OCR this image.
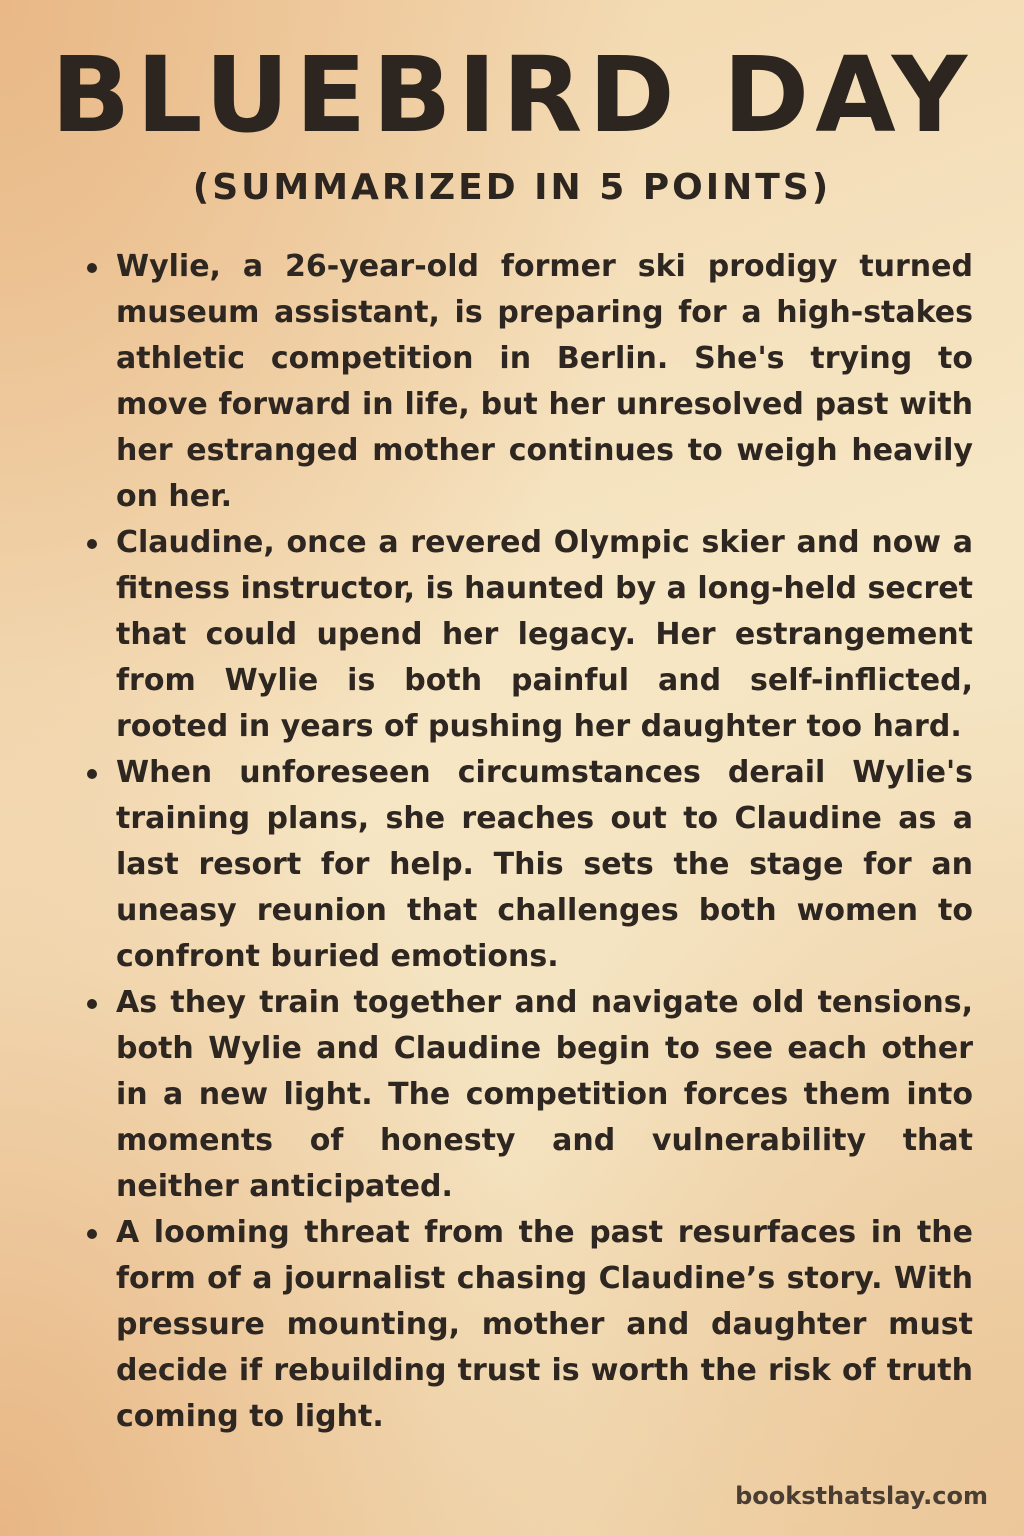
BLUEBIRD DAY
(SUMMARIZED IN 5 POINTS)
Wylie, a 26-year-old former ski prodigy turned museum assistant, is preparing for a high-stakes athletic competition in Berlin. She's trying to move forward in life, but her unresolved past with her estranged mother continues to weigh heavily on her.
Claudine, once a revered Olympic skier and now a fitness instructor, is haunted by a long-held secret that could upend her legacy. Her estrangement from Wylie is both painful and self-inflicted, rooted in years of pushing her daughter too hard.
When unforeseen circumstances derail Wylie's training plans, she reaches out to Claudine as a last resort for help. This sets the stage for an uneasy reunion that challenges both women to confront buried emotions.
As they train together and navigate old tensions, both Wylie and Claudine begin to see each other in a new light. The competition forces them into moments of honesty and vulnerability that neither anticipated.
A looming threat from the past resurfaces in the form of a journalist chasing Claudine’s story. With pressure mounting, mother and daughter must decide if rebuilding trust is worth the risk of truth coming to light.
booksthatslay.com
